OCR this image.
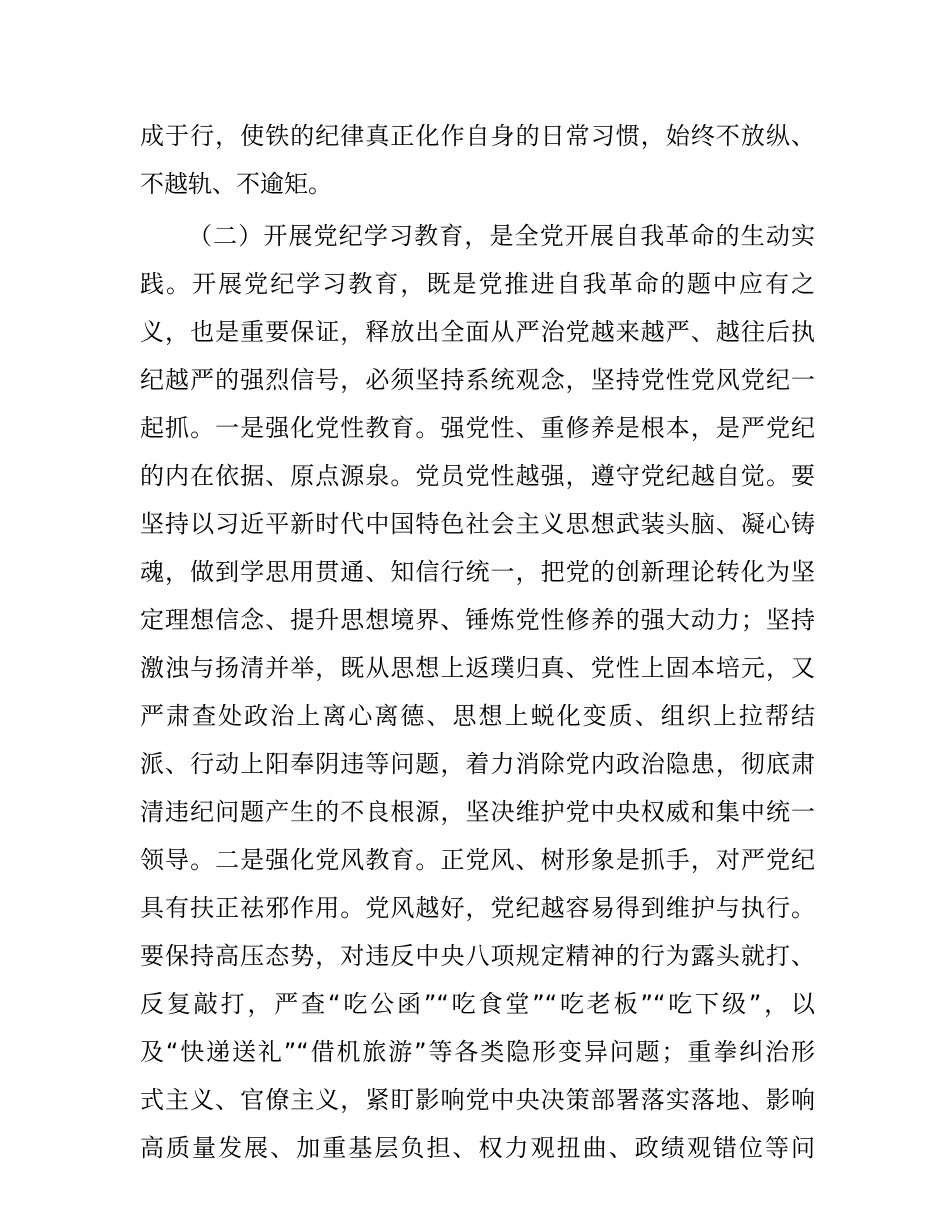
成于行，使铁的纪律真正化作自身的日常习惯，始终不放纵、
不越轨、不逾矩。
（二）开展党纪学习教育，是全党开展自我革命的生动实
践。开展党纪学习教育，既是党推进自我革命的题中应有之
义，也是重要保证，释放出全面从严治党越来越严、越往后执
纪越严的强烈信号，必须坚持系统观念，坚持党性党风党纪一
起抓。一是强化党性教育。强党性、重修养是根本，是严党纪
的内在依据、原点源泉。党员党性越强，遵守党纪越自觉。要
坚持以习近平新时代中国特色社会主义思想武装头脑、凝心铸
魂，做到学思用贯通、知信行统一，把党的创新理论转化为坚
定理想信念、提升思想境界、锤炼党性修养的强大动力；坚持
激浊与扬清并举，既从思想上返璞归真、党性上固本培元，又
严肃查处政治上离心离德、思想上蜕化变质、组织上拉帮结
派、行动上阳奉阴违等问题，着力消除党内政治隐患，彻底肃
清违纪问题产生的不良根源，坚决维护党中央权威和集中统一
领导。二是强化党风教育。正党风、树形象是抓手，对严党纪
具有扶正祛邪作用。党风越好，党纪越容易得到维护与执行。
要保持高压态势，对违反中央八项规定精神的行为露头就打、
反复敲打，严查“吃公函”“吃食堂”“吃老板”“吃下级”，以
及“快递送礼”“借机旅游”等各类隐形变异问题；重拳纠治形
式主义、官僚主义，紧盯影响党中央决策部署落实落地、影响
高质量发展、加重基层负担、权力观扭曲、政绩观错位等问
